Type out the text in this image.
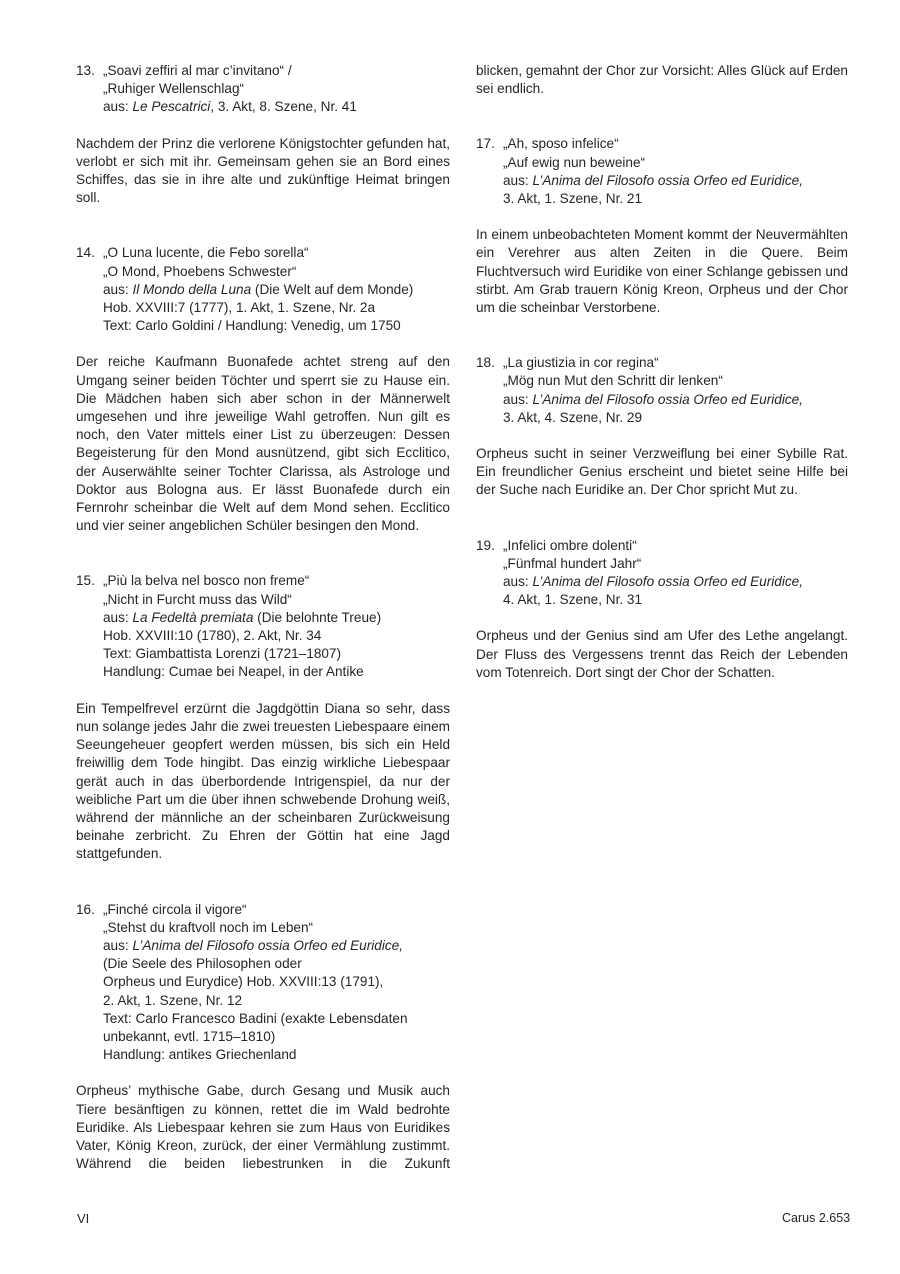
13. „Soavi zeffiri al mar c’invitano“ /
„Ruhiger Wellenschlag“
aus: Le Pescatrici, 3. Akt, 8. Szene, Nr. 41

Nachdem der Prinz die verlorene Königstochter gefunden hat, verlobt er sich mit ihr. Gemeinsam gehen sie an Bord eines Schiffes, das sie in ihre alte und zukünftige Heimat bringen soll.

14. „O Luna lucente, die Febo sorella“
„O Mond, Phoebens Schwester“
aus: Il Mondo della Luna (Die Welt auf dem Monde)
Hob. XXVIII:7 (1777), 1. Akt, 1. Szene, Nr. 2a
Text: Carlo Goldini / Handlung: Venedig, um 1750

Der reiche Kaufmann Buonafede achtet streng auf den Umgang seiner beiden Töchter und sperrt sie zu Hause ein. Die Mädchen haben sich aber schon in der Männerwelt umgesehen und ihre jeweilige Wahl getroffen. Nun gilt es noch, den Vater mittels einer List zu überzeugen: Dessen Begeisterung für den Mond ausnützend, gibt sich Ecclitico, der Auserwählte seiner Tochter Clarissa, als Astrologe und Doktor aus Bologna aus. Er lässt Buonafede durch ein Fernrohr scheinbar die Welt auf dem Mond sehen. Ecclitico und vier seiner angeblichen Schüler besingen den Mond.

15. „Più la belva nel bosco non freme“
„Nicht in Furcht muss das Wild“
aus: La Fedeltà premiata (Die belohnte Treue)
Hob. XXVIII:10 (1780), 2. Akt, Nr. 34
Text: Giambattista Lorenzi (1721–1807)
Handlung: Cumae bei Neapel, in der Antike

Ein Tempelfrevel erzürnt die Jagdgöttin Diana so sehr, dass nun solange jedes Jahr die zwei treuesten Liebespaare einem Seeungeheuer geopfert werden müssen, bis sich ein Held freiwillig dem Tode hingibt. Das einzig wirkliche Liebespaar gerät auch in das überbordende Intrigenspiel, da nur der weibliche Part um die über ihnen schwebende Drohung weiß, während der männliche an der scheinbaren Zurückweisung beinahe zerbricht. Zu Ehren der Göttin hat eine Jagd stattgefunden.

16. „Finché circola il vigore“
„Stehst du kraftvoll noch im Leben“
aus: L’Anima del Filosofo ossia Orfeo ed Euridice,
(Die Seele des Philosophen oder
Orpheus und Eurydice) Hob. XXVIII:13 (1791),
2. Akt, 1. Szene, Nr. 12
Text: Carlo Francesco Badini (exakte Lebensdaten
unbekannt, evtl. 1715–1810)
Handlung: antikes Griechenland

Orpheus’ mythische Gabe, durch Gesang und Musik auch Tiere besänftigen zu können, rettet die im Wald bedrohte Euridike. Als Liebespaar kehren sie zum Haus von Euridikes Vater, König Kreon, zurück, der einer Vermählung zustimmt. Während die beiden liebestrunken in die Zukunft

blicken, gemahnt der Chor zur Vorsicht: Alles Glück auf Erden sei endlich.

17. „Ah, sposo infelice“
„Auf ewig nun beweine“
aus: L’Anima del Filosofo ossia Orfeo ed Euridice,
3. Akt, 1. Szene, Nr. 21

In einem unbeobachteten Moment kommt der Neuvermählten ein Verehrer aus alten Zeiten in die Quere. Beim Fluchtversuch wird Euridike von einer Schlange gebissen und stirbt. Am Grab trauern König Kreon, Orpheus und der Chor um die scheinbar Verstorbene.

18. „La giustizia in cor regina“
„Mög nun Mut den Schritt dir lenken“
aus: L’Anima del Filosofo ossia Orfeo ed Euridice,
3. Akt, 4. Szene, Nr. 29

Orpheus sucht in seiner Verzweiflung bei einer Sybille Rat. Ein freundlicher Genius erscheint und bietet seine Hilfe bei der Suche nach Euridike an. Der Chor spricht Mut zu.

19. „Infelici ombre dolenti“
„Fünfmal hundert Jahr“
aus: L’Anima del Filosofo ossia Orfeo ed Euridice,
4. Akt, 1. Szene, Nr. 31

Orpheus und der Genius sind am Ufer des Lethe angelangt. Der Fluss des Vergessens trennt das Reich der Lebenden vom Totenreich. Dort singt der Chor der Schatten.

VI	Carus 2.653
